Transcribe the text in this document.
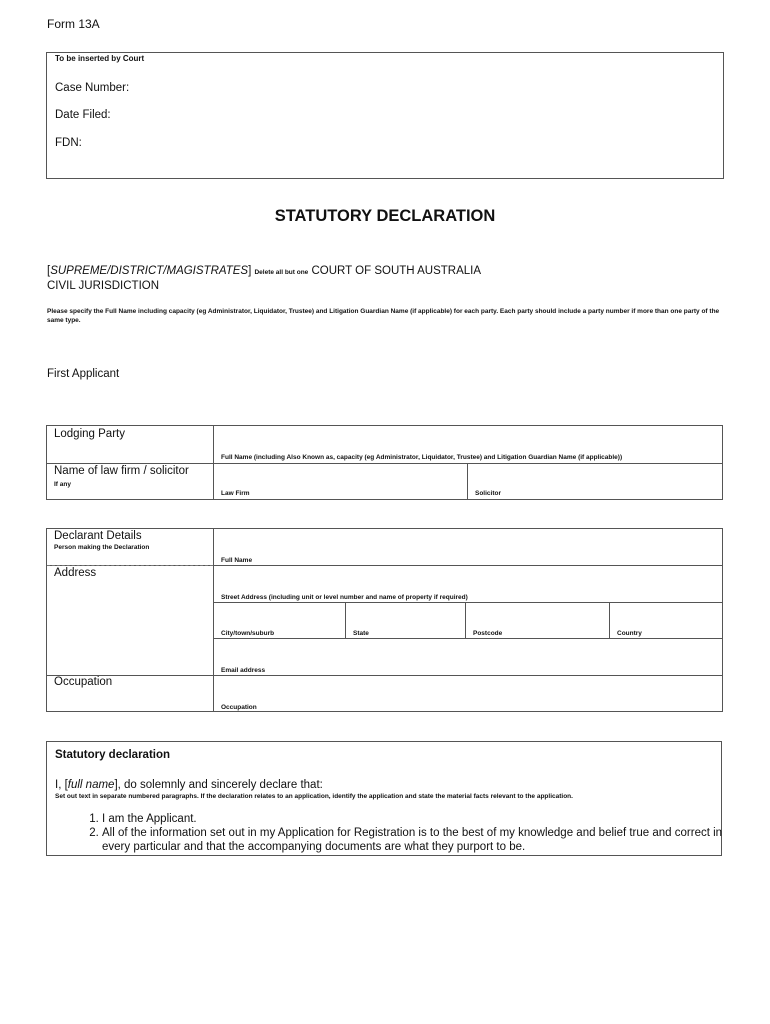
Form 13A
To be inserted by Court
Case Number:
Date Filed:
FDN:
STATUTORY DECLARATION
[SUPREME/DISTRICT/MAGISTRATES] Delete all but one COURT OF SOUTH AUSTRALIA
CIVIL JURISDICTION
Please specify the Full Name including capacity (eg Administrator, Liquidator, Trustee) and Litigation Guardian Name (if applicable) for each party. Each party should include a party number if more than one party of the same type.
First Applicant
Lodging Party
Full Name (including Also Known as, capacity (eg Administrator, Liquidator, Trustee) and Litigation Guardian Name (if applicable))
Name of law firm / solicitor
If any
Law Firm	Solicitor
Declarant Details
Person making the Declaration
Full Name
Address
Street Address (including unit or level number and name of property if required)
City/town/suburb	State	Postcode	Country
Email address
Occupation
Occupation
Statutory declaration
I, [full name], do solemnly and sincerely declare that:
Set out text in separate numbered paragraphs. If the declaration relates to an application, identify the application and state the material facts relevant to the application.
1. I am the Applicant.
2. All of the information set out in my Application for Registration is to the best of my knowledge and belief true and correct in every particular and that the accompanying documents are what they purport to be.
